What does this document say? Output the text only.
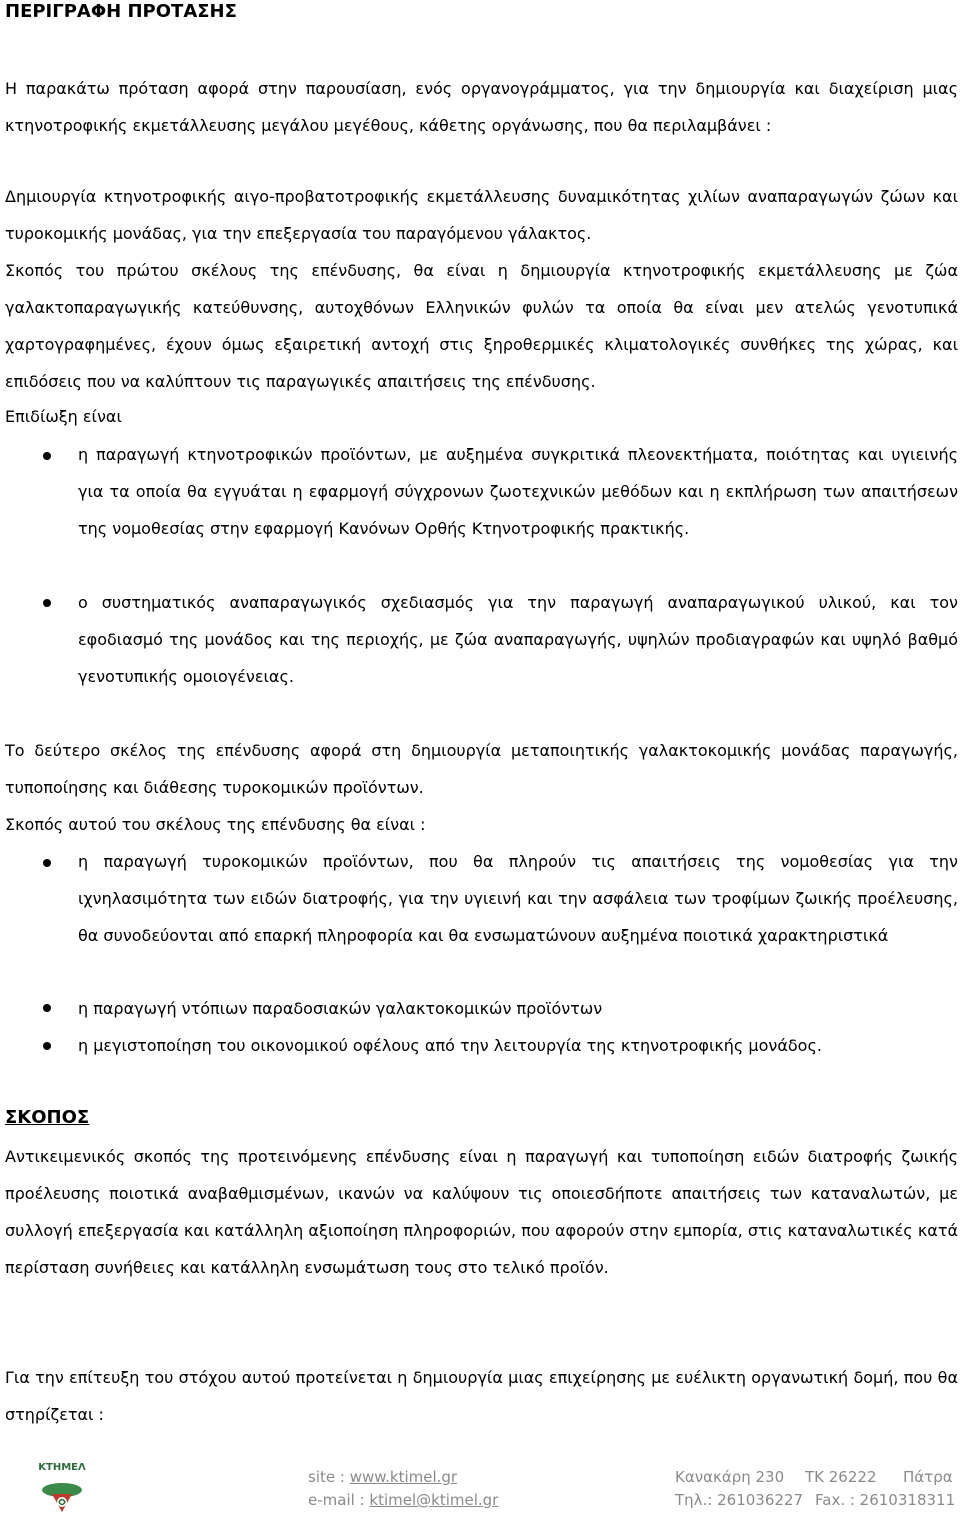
ΠΕΡΙΓΡΑΦΗ ΠΡΟΤΑΣΗΣ
Η παρακάτω πρόταση αφορά στην παρουσίαση, ενός οργανογράμματος, για την δημιουργία και διαχείριση μιας κτηνοτροφικής εκμετάλλευσης μεγάλου μεγέθους, κάθετης οργάνωσης, που θα περιλαμβάνει :
Δημιουργία κτηνοτροφικής αιγο-προβατοτροφικής εκμετάλλευσης δυναμικότητας χιλίων αναπαραγωγών ζώων και τυροκομικής μονάδας, για την επεξεργασία του παραγόμενου γάλακτος.
Σκοπός του πρώτου σκέλους της επένδυσης, θα είναι η δημιουργία κτηνοτροφικής εκμετάλλευσης με ζώα γαλακτοπαραγωγικής κατεύθυνσης, αυτοχθόνων Ελληνικών φυλών τα οποία θα είναι μεν ατελώς γενοτυπικά χαρτογραφημένες, έχουν όμως εξαιρετική αντοχή στις ξηροθερμικές κλιματολογικές συνθήκες της χώρας, και επιδόσεις που να καλύπτουν τις παραγωγικές απαιτήσεις της επένδυσης.
Επιδίωξη είναι
η παραγωγή κτηνοτροφικών προϊόντων, με αυξημένα συγκριτικά πλεονεκτήματα, ποιότητας και υγιεινής για τα οποία θα εγγυάται η εφαρμογή σύγχρονων ζωοτεχνικών μεθόδων και η εκπλήρωση των απαιτήσεων της νομοθεσίας στην εφαρμογή Κανόνων Ορθής Κτηνοτροφικής πρακτικής.
ο συστηματικός αναπαραγωγικός σχεδιασμός για την παραγωγή αναπαραγωγικού υλικού, και τον εφοδιασμό της μονάδος και της περιοχής, με ζώα αναπαραγωγής, υψηλών προδιαγραφών και υψηλό βαθμό γενοτυπικής ομοιογένειας.
Το δεύτερο σκέλος της επένδυσης αφορά στη δημιουργία μεταποιητικής γαλακτοκομικής μονάδας παραγωγής, τυποποίησης και διάθεσης τυροκομικών προϊόντων.
Σκοπός αυτού του σκέλους της επένδυσης θα είναι :
η παραγωγή τυροκομικών προϊόντων, που θα πληρούν τις απαιτήσεις της νομοθεσίας για την ιχνηλασιμότητα των ειδών διατροφής, για την υγιεινή και την ασφάλεια των τροφίμων ζωικής προέλευσης, θα συνοδεύονται από επαρκή πληροφορία και θα ενσωματώνουν αυξημένα ποιοτικά χαρακτηριστικά
η παραγωγή ντόπιων παραδοσιακών γαλακτοκομικών προϊόντων
η μεγιστοποίηση του οικονομικού οφέλους από την λειτουργία της κτηνοτροφικής μονάδος.
ΣΚΟΠΟΣ
Αντικειμενικός σκοπός της προτεινόμενης επένδυσης είναι η παραγωγή και τυποποίηση ειδών διατροφής ζωικής προέλευσης ποιοτικά αναβαθμισμένων, ικανών να καλύψουν τις οποιεσδήποτε απαιτήσεις των καταναλωτών, με συλλογή επεξεργασία και κατάλληλη αξιοποίηση πληροφοριών, που αφορούν στην εμπορία, στις καταναλωτικές κατά περίσταση συνήθειες και κατάλληλη ενσωμάτωση τους στο τελικό προϊόν.
Για την επίτευξη του στόχου αυτού προτείνεται η δημιουργία μιας επιχείρησης με ευέλικτη οργανωτική δομή, που θα στηρίζεται :
ΚΤΗΜΕΛ
site : www.ktimel.gr
e-mail : ktimel@ktimel.gr
Κανακάρη 230 ΤΚ 26222 Πάτρα
Τηλ.: 261036227 Fax. : 2610318311
